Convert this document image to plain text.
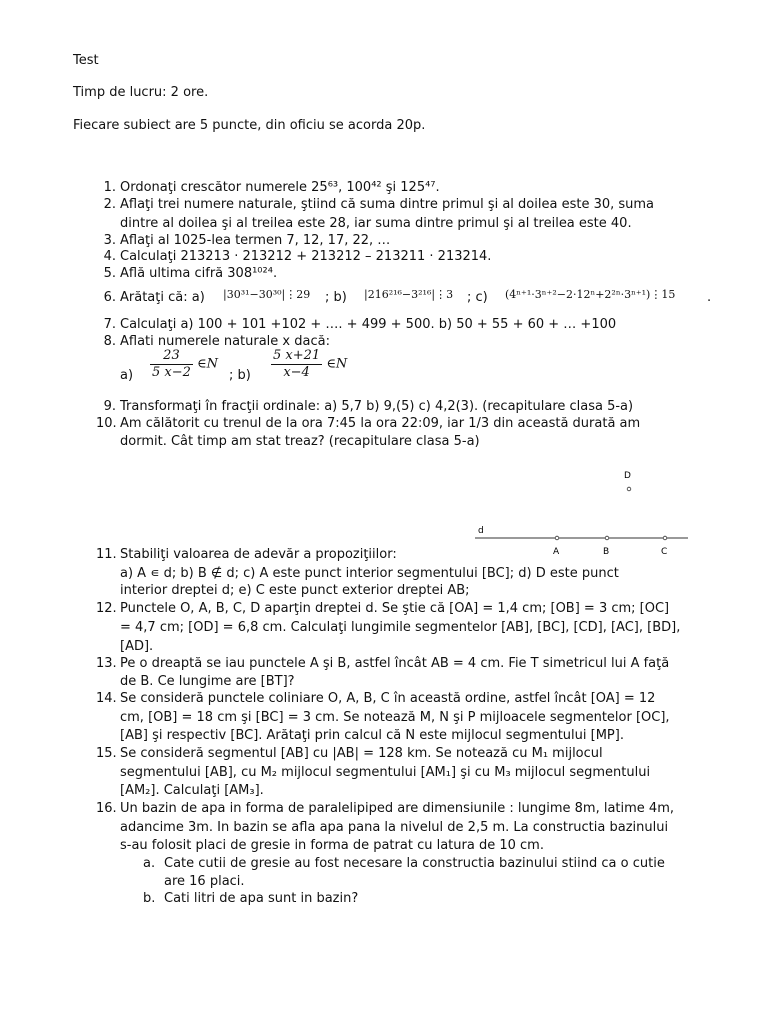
Test
Timp de lucru: 2 ore.
Fiecare subiect are 5 puncte, din oficiu se acorda 20p.
1. Ordonaţi crescător numerele 25⁶³, 100⁴² şi 125⁴⁷.
2. Aflaţi trei numere naturale, ştiind că suma dintre primul şi al doilea este 30, suma
dintre al doilea şi al treilea este 28, iar suma dintre primul şi al treilea este 40.
3. Aflaţi al 1025-lea termen 7, 12, 17, 22, …
4. Calculaţi 213213 · 213212 + 213212 – 213211 · 213214.
5. Află ultima cifră 308¹⁰²⁴.
6. Arătaţi că: a) |30³¹−30³⁰|⋮29 ; b) |216²¹⁶−3²¹⁶|⋮3 ; c) (4ⁿ⁺¹·3ⁿ⁺²−2·12ⁿ+2²ⁿ·3ⁿ⁺¹)⋮15 .
7. Calculaţi a) 100 + 101 +102 + …. + 499 + 500. b) 50 + 55 + 60 + … +100
8. Aflati numerele naturale x dacă:
$a) \frac{23}{5 x-2}$ ∈N
; $b) \frac{5 x+21}{x-4}$ ∈N
9. Transformaţi în fracţii ordinale: a) 5,7 b) 9,(5) c) 4,2(3). (recapitulare clasa 5-a)
10. Am călătorit cu trenul de la ora 7:45 la ora 22:09, iar 1/3 din această durată am
dormit. Cât timp am stat treaz? (recapitulare clasa 5-a)
D
d
A	B	C
11. Stabiliţi valoarea de adevăr a propoziţiilor:
a) A ∊ d; b) B ∉ d; c) A este punct interior segmentului [BC]; d) D este punct
interior dreptei d; e) C este punct exterior dreptei AB;
12. Punctele O, A, B, C, D aparţin dreptei d. Se ştie că [OA] = 1,4 cm; [OB] = 3 cm; [OC]
= 4,7 cm; [OD] = 6,8 cm. Calculaţi lungimile segmentelor [AB], [BC], [CD], [AC], [BD],
[AD].
13. Pe o dreaptă se iau punctele A şi B, astfel încât AB = 4 cm. Fie T simetricul lui A faţă
de B. Ce lungime are [BT]?
14. Se consideră punctele coliniare O, A, B, C în această ordine, astfel încât [OA] = 12
cm, [OB] = 18 cm şi [BC] = 3 cm. Se notează M, N şi P mijloacele segmentelor [OC],
[AB] şi respectiv [BC]. Arătaţi prin calcul că N este mijlocul segmentului [MP].
15. Se consideră segmentul [AB] cu |AB| = 128 km. Se notează cu M₁ mijlocul
segmentului [AB], cu M₂ mijlocul segmentului [AM₁] şi cu M₃ mijlocul segmentului
[AM₂]. Calculaţi [AM₃].
16. Un bazin de apa in forma de paralelipiped are dimensiunile : lungime 8m, latime 4m,
adancime 3m. In bazin se afla apa pana la nivelul de 2,5 m. La constructia bazinului
s-au folosit placi de gresie in forma de patrat cu latura de 10 cm.
a. Cate cutii de gresie au fost necesare la constructia bazinului stiind ca o cutie
are 16 placi.
b. Cati litri de apa sunt in bazin?
